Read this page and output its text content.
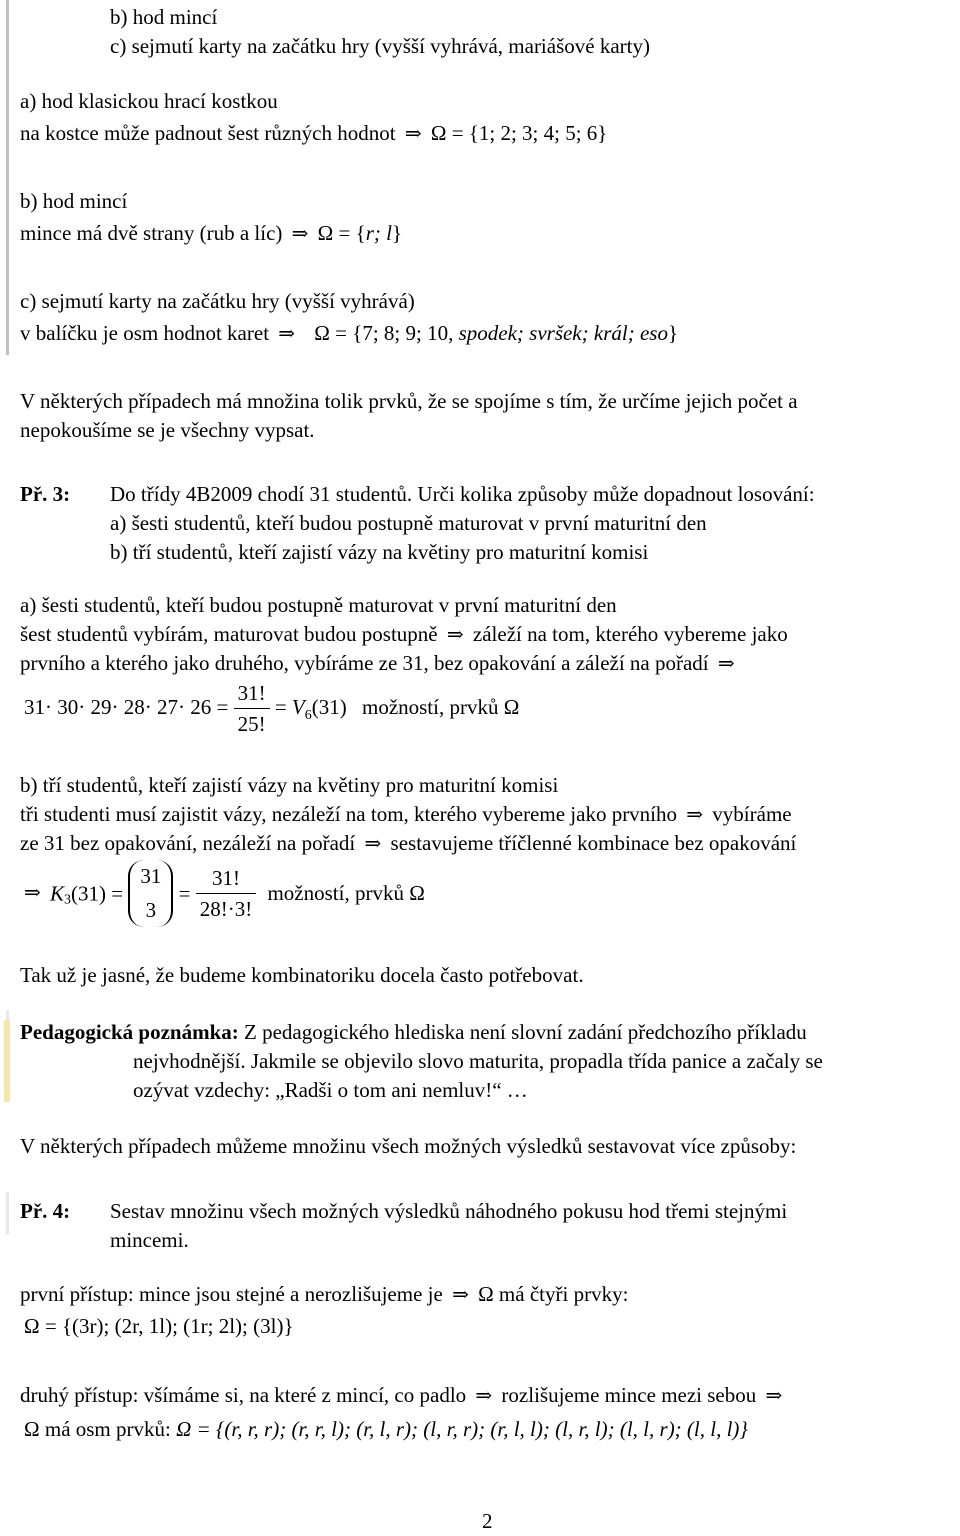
b) hod mincí
c) sejmutí karty na začátku hry (vyšší vyhrává, mariášové karty)
a) hod klasickou hrací kostkou
na kostce může padnout šest různých hodnot ⇒ Ω = {1; 2; 3; 4; 5; 6}
b) hod mincí
mince má dvě strany (rub a líc) ⇒ Ω = {r; l}
c) sejmutí karty na začátku hry (vyšší vyhrává)
v balíčku je osm hodnot karet ⇒ Ω = {7; 8; 9; 10, spodek; svršek; král; eso}
V některých případech má množina tolik prvků, že se spojíme s tím, že určíme jejich počet a
nepokoušíme se je všechny vypsat.
Př. 3: Do třídy 4B2009 chodí 31 studentů. Urči kolika způsoby může dopadnout losování:
a) šesti studentů, kteří budou postupně maturovat v první maturitní den
b) tří studentů, kteří zajistí vázy na květiny pro maturitní komisi
a) šesti studentů, kteří budou postupně maturovat v první maturitní den
šest studentů vybírám, maturovat budou postupně ⇒ záleží na tom, kterého vybereme jako
prvního a kterého jako druhého, vybíráme ze 31, bez opakování a záleží na pořadí ⇒
$31\cdot 30\cdot 29\cdot 28\cdot 27\cdot 26 = \frac{31!}{25!} = V_6(31)$ možností, prvků Ω
b) tří studentů, kteří zajistí vázy na květiny pro maturitní komisi
tři studenti musí zajistit vázy, nezáleží na tom, kterého vybereme jako prvního ⇒ vybíráme
ze 31 bez opakování, nezáleží na pořadí ⇒ sestavujeme tříčlenné kombinace bez opakování
⇒ $K_3(31)$ =
31
3
= $\frac{31!}{28!\cdot 3!}$ možností, prvků Ω
Tak už je jasné, že budeme kombinatoriku docela často potřebovat.
Pedagogická poznámka: Z pedagogického hlediska není slovní zadání předchozího příkladu
nejvhodnější. Jakmile se objevilo slovo maturita, propadla třída panice a začaly se
ozývat vzdechy: „Radši o tom ani nemluv!“ …
V některých případech můžeme množinu všech možných výsledků sestavovat více způsoby:
Př. 4: Sestav množinu všech možných výsledků náhodného pokusu hod třemi stejnými
mincemi.
první přístup: mince jsou stejné a nerozlišujeme je ⇒ Ω má čtyři prvky:
Ω = {(3r); (2r, 1l); (1r; 2l); (3l)}
druhý přístup: všímáme si, na které z mincí, co padlo ⇒ rozlišujeme mince mezi sebou ⇒
Ω má osm prvků: Ω = {(r, r, r); (r, r, l); (r, l, r); (l, r, r); (r, l, l); (l, r, l); (l, l, r); (l, l, l)}
2
